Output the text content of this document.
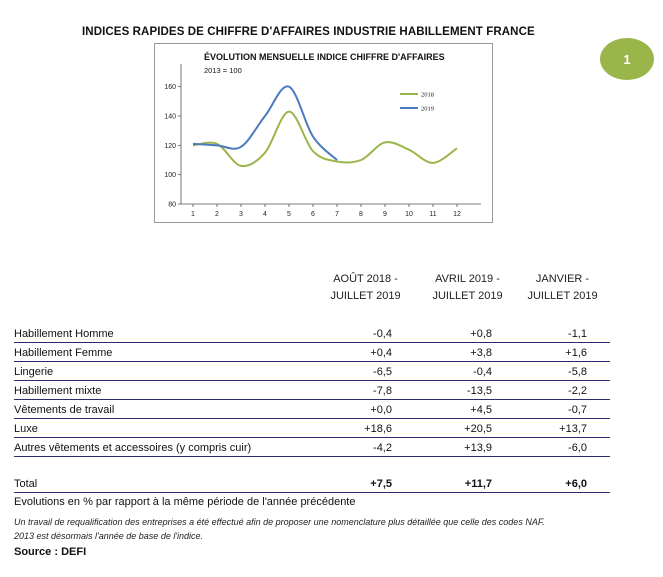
INDICES RAPIDES DE CHIFFRE D'AFFAIRES INDUSTRIE HABILLEMENT FRANCE
1
80
100
120
140
160
1	2	3	4	5	6	7	8	9	10 11 12
2018
2019
ÉVOLUTION MENSUELLE INDICE CHIFFRE D'AFFAIRES
2013 = 100
AOÛT 2018 -
JUILLET 2019
AVRIL 2019 -
JUILLET 2019
JANVIER -
JUILLET 2019
Habillement Homme	-0,4	+0,8	-1,1
Habillement Femme	+0,4	+3,8	+1,6
Lingerie	-6,5	-0,4	-5,8
Habillement mixte	-7,8	-13,5	-2,2
Vêtements de travail	+0,0	+4,5	-0,7
Luxe	+18,6	+20,5	+13,7
Autres vêtements et accessoires (y compris cuir)	-4,2	+13,9	-6,0
Total	+7,5	+11,7	+6,0
Evolutions en % par rapport à la même période de l'année précédente
Un travail de requalification des entreprises a été effectué afin de proposer une nomenclature plus détaillée que celle des codes NAF.
2013 est désormais l'année de base de l'indice.
Source : DEFI
